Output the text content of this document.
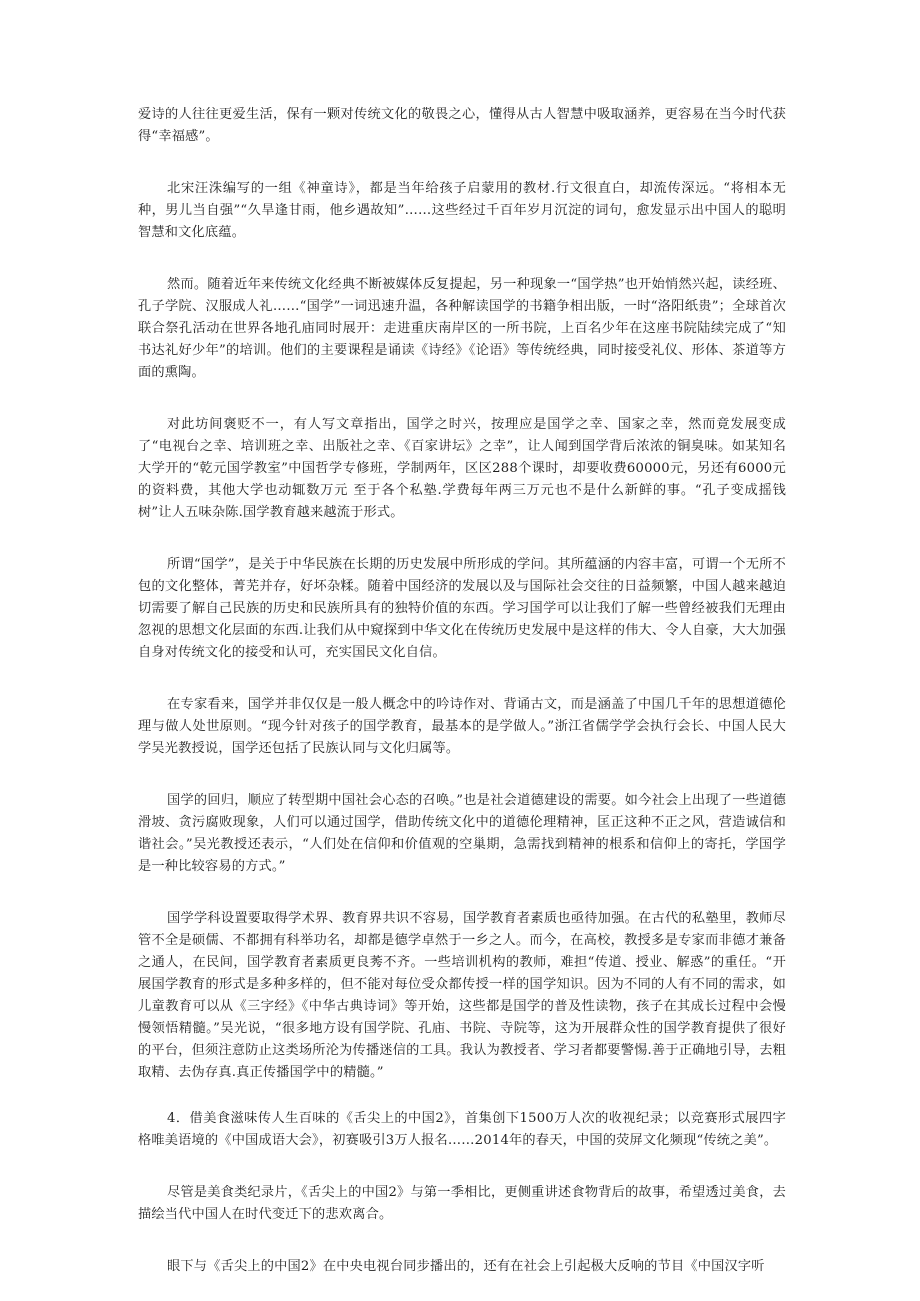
爱诗的人往往更爱生活，保有一颗对传统文化的敬畏之心，懂得从古人智慧中吸取涵养，更容易在当今时代获得“幸福感”。

北宋汪洙编写的一组《神童诗》，都是当年给孩子启蒙用的教材.行文很直白，却流传深远。“将相本无种，男儿当自强”“久旱逢甘雨，他乡遇故知”……这些经过千百年岁月沉淀的词句，愈发显示出中国人的聪明智慧和文化底蕴。

然而。随着近年来传统文化经典不断被媒体反复提起，另一种现象一“国学热”也开始悄然兴起，读经班、孔子学院、汉服成人礼……“国学”一词迅速升温，各种解读国学的书籍争相出版，一时“洛阳纸贵”；全球首次联合祭孔活动在世界各地孔庙同时展开：走进重庆南岸区的一所书院，上百名少年在这座书院陆续完成了“知书达礼好少年”的培训。他们的主要课程是诵读《诗经》《论语》等传统经典，同时接受礼仪、形体、茶道等方面的熏陶。

对此坊间褒贬不一，有人写文章指出，国学之时兴，按理应是国学之幸、国家之幸，然而竟发展变成了“电视台之幸、培训班之幸、出版社之幸、《百家讲坛》之幸”，让人闻到国学背后浓浓的铜臭味。如某知名大学开的“乾元国学教室”中国哲学专修班，学制两年，区区288个课时，却要收费60000元，另还有6000元的资料费，其他大学也动辄数万元 至于各个私塾.学费每年两三万元也不是什么新鲜的事。“孔子变成摇钱树”让人五味杂陈.国学教育越来越流于形式。

所谓“国学”，是关于中华民族在长期的历史发展中所形成的学问。其所蕴涵的内容丰富，可谓一个无所不包的文化整体，菁芜并存，好坏杂糅。随着中国经济的发展以及与国际社会交往的日益频繁，中国人越来越迫切需要了解自己民族的历史和民族所具有的独特价值的东西。学习国学可以让我们了解一些曾经被我们无理由忽视的思想文化层面的东西.让我们从中窥探到中华文化在传统历史发展中是这样的伟大、令人自豪，大大加强自身对传统文化的接受和认可，充实国民文化自信。

在专家看来，国学并非仅仅是一般人概念中的吟诗作对、背诵古文，而是涵盖了中国几千年的思想道德伦理与做人处世原则。“现今针对孩子的国学教育，最基本的是学做人。”浙江省儒学学会执行会长、中国人民大学吴光教授说，国学还包括了民族认同与文化归属等。

国学的回归，顺应了转型期中国社会心态的召唤。”也是社会道德建设的需要。如今社会上出现了一些道德滑坡、贪污腐败现象，人们可以通过国学，借助传统文化中的道德伦理精神，匡正这种不正之风，营造诚信和谐社会。”吴光教授还表示，“人们处在信仰和价值观的空巢期，急需找到精神的根系和信仰上的寄托，学国学是一种比较容易的方式。”

国学学科设置要取得学术界、教育界共识不容易，国学教育者素质也亟待加强。在古代的私塾里，教师尽管不全是硕儒、不都拥有科举功名，却都是德学卓然于一乡之人。而今，在高校，教授多是专家而非德才兼备之通人，在民间，国学教育者素质更良莠不齐。一些培训机构的教师，难担“传道、授业、解惑”的重任。“开展国学教育的形式是多种多样的，但不能对每位受众都传授一样的国学知识。因为不同的人有不同的需求，如儿童教育可以从《三字经》《中华古典诗词》等开始，这些都是国学的普及性读物，孩子在其成长过程中会慢慢领悟精髓。”吴光说，“很多地方设有国学院、孔庙、书院、寺院等，这为开展群众性的国学教育提供了很好的平台，但须注意防止这类场所沦为传播迷信的工具。我认为教授者、学习者都要警惕.善于正确地引导，去粗取精、去伪存真.真正传播国学中的精髓。”

4．借美食滋味传人生百味的《舌尖上的中国2》，首集创下1500万人次的收视纪录；以竞赛形式展四字格唯美语境的《中国成语大会》，初赛吸引3万人报名……2014年的春天，中国的荧屏文化频现“传统之美”。

尽管是美食类纪录片，《舌尖上的中国2》与第一季相比，更侧重讲述食物背后的故事，希望透过美食，去描绘当代中国人在时代变迁下的悲欢离合。

眼下与《舌尖上的中国2》在中央电视台同步播出的，还有在社会上引起极大反响的节目《中国汉字听
